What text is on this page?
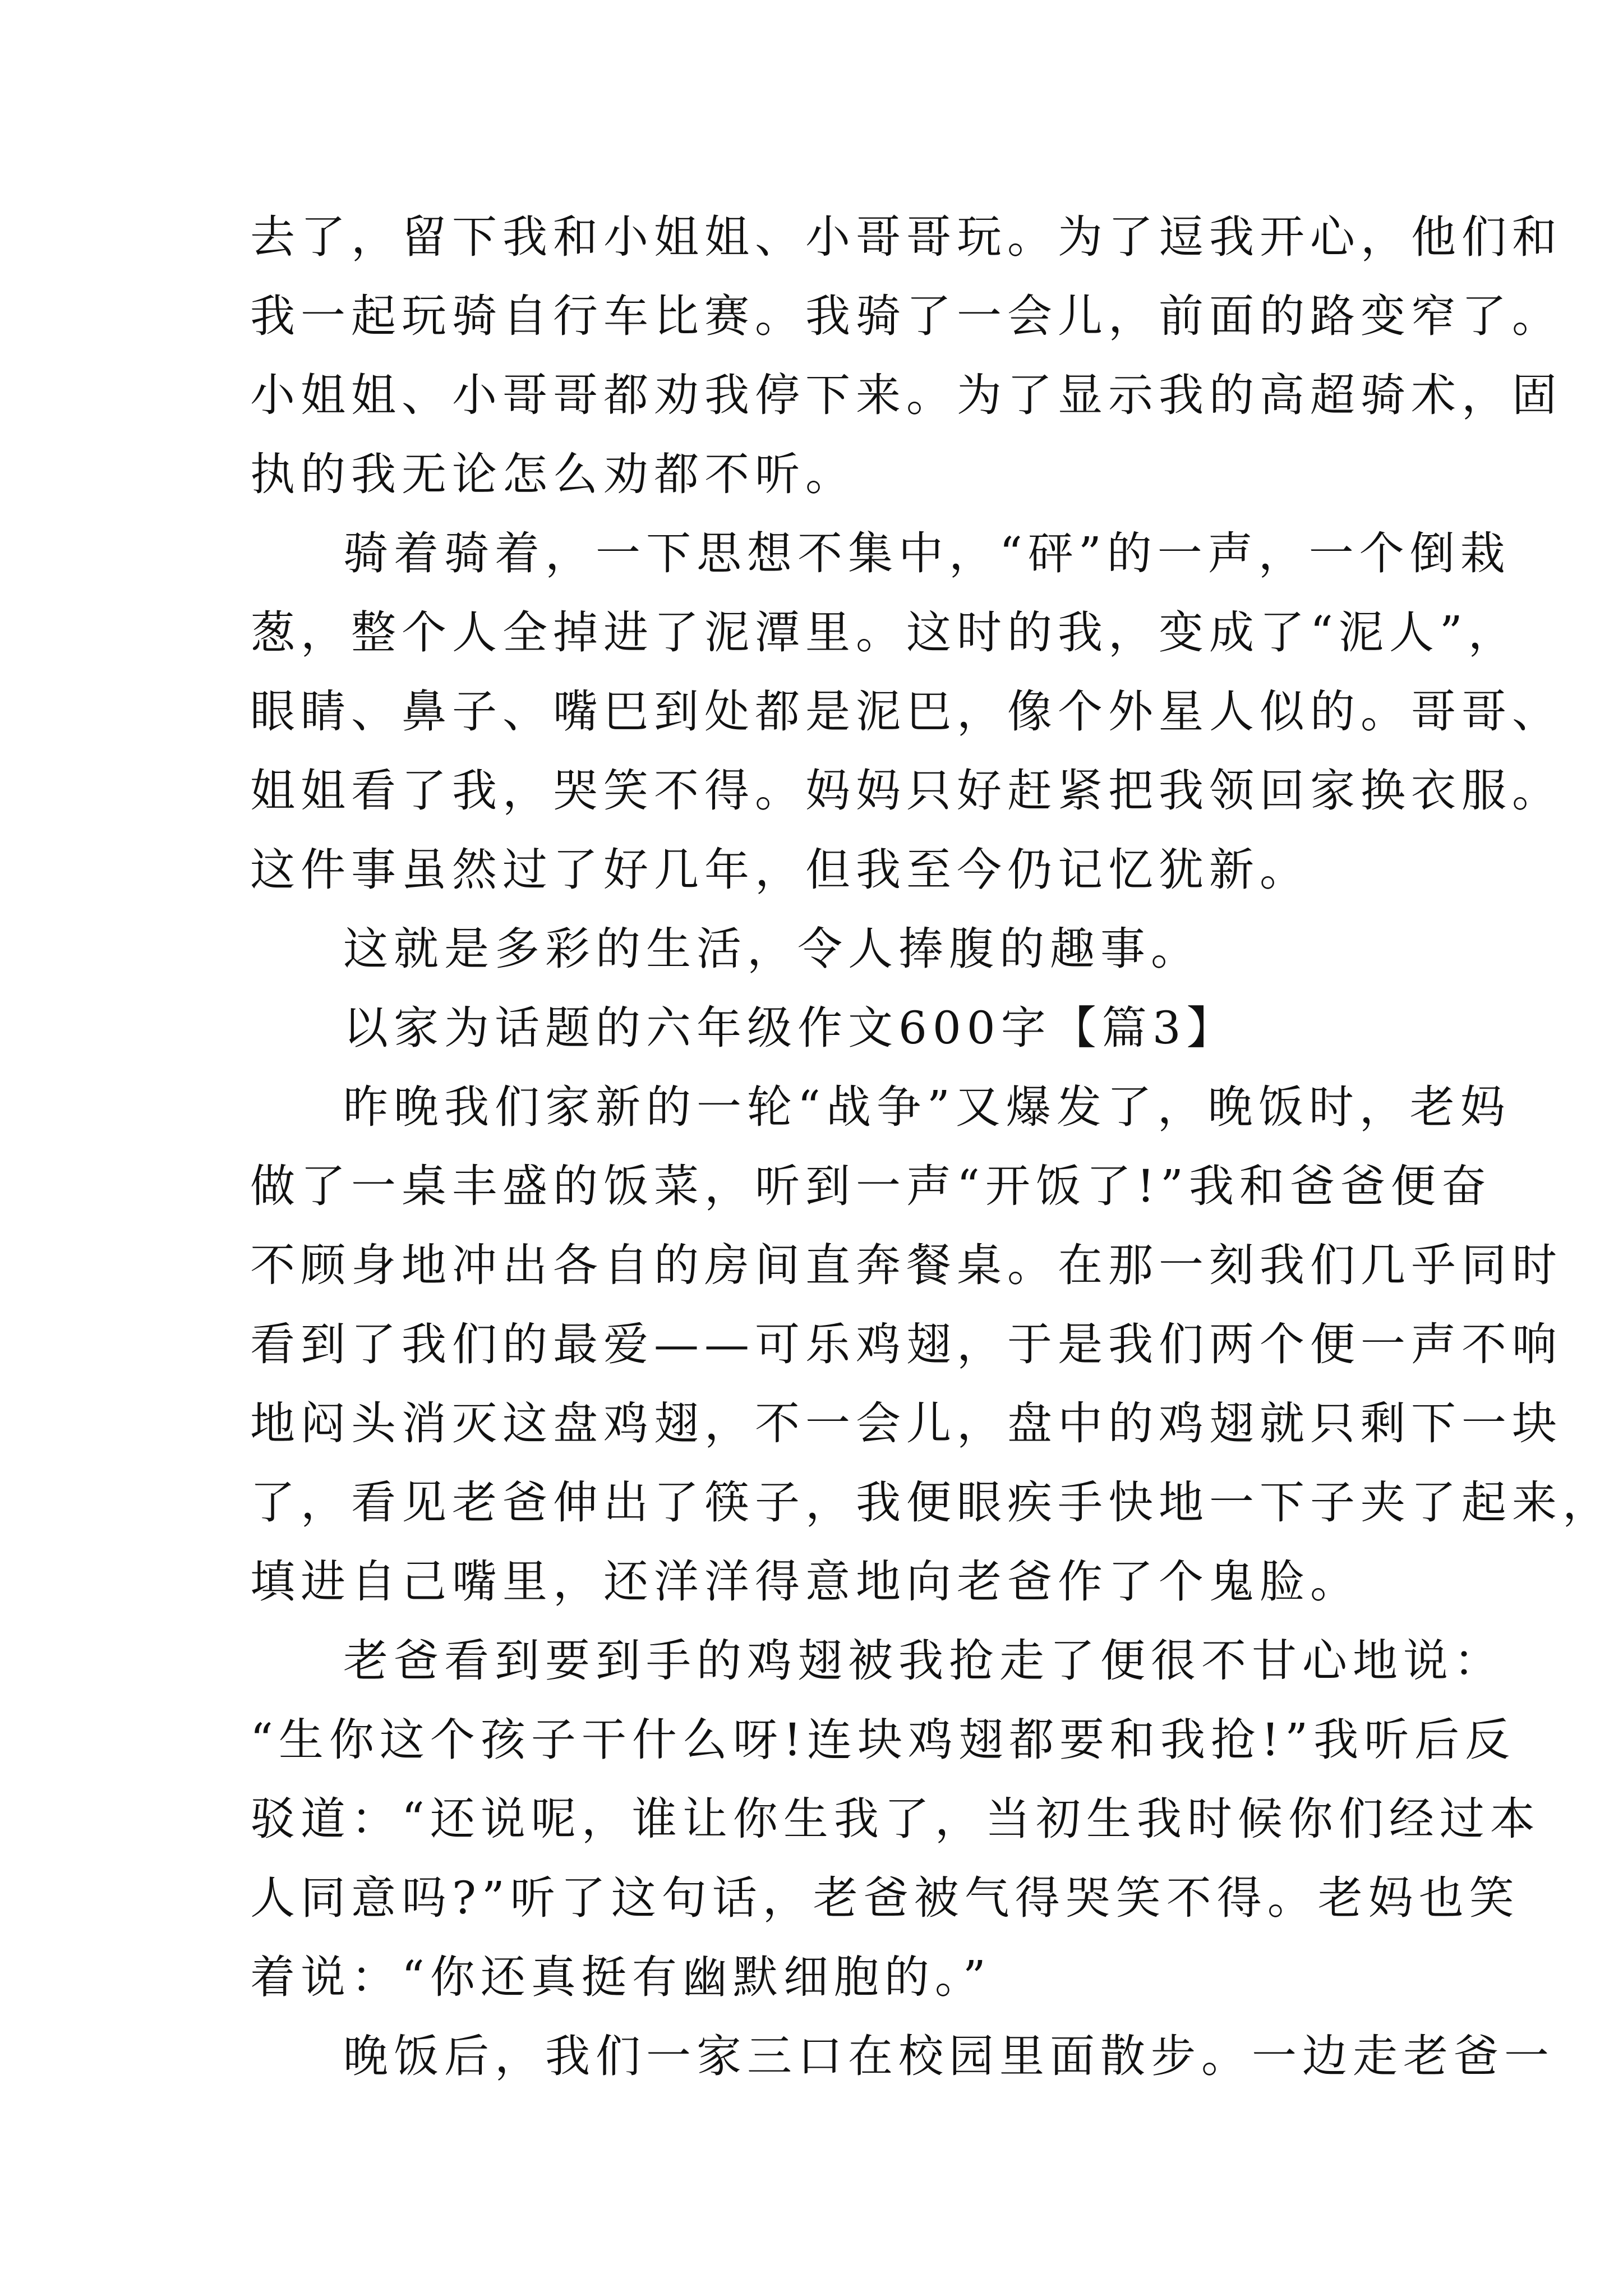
去了，留下我和小姐姐、小哥哥玩。为了逗我开心，他们和
我一起玩骑自行车比赛。我骑了一会儿，前面的路变窄了。
小姐姐、小哥哥都劝我停下来。为了显示我的高超骑术，固
执的我无论怎么劝都不听。
骑着骑着，一下思想不集中，“砰”的一声，一个倒栽
葱，整个人全掉进了泥潭里。这时的我，变成了“泥人”，
眼睛、鼻子、嘴巴到处都是泥巴，像个外星人似的。哥哥、
姐姐看了我，哭笑不得。妈妈只好赶紧把我领回家换衣服。
这件事虽然过了好几年，但我至今仍记忆犹新。
这就是多彩的生活，令人捧腹的趣事。
以家为话题的六年级作文600字【篇3】
昨晚我们家新的一轮“战争”又爆发了，晚饭时，老妈
做了一桌丰盛的饭菜，听到一声“开饭了!”我和爸爸便奋
不顾身地冲出各自的房间直奔餐桌。在那一刻我们几乎同时
看到了我们的最爱——可乐鸡翅，于是我们两个便一声不响
地闷头消灭这盘鸡翅，不一会儿，盘中的鸡翅就只剩下一块
了，看见老爸伸出了筷子，我便眼疾手快地一下子夹了起来，
填进自己嘴里，还洋洋得意地向老爸作了个鬼脸。
老爸看到要到手的鸡翅被我抢走了便很不甘心地说：
“生你这个孩子干什么呀!连块鸡翅都要和我抢!”我听后反
驳道：“还说呢，谁让你生我了，当初生我时候你们经过本
人同意吗?”听了这句话，老爸被气得哭笑不得。老妈也笑
着说：“你还真挺有幽默细胞的。”
晚饭后，我们一家三口在校园里面散步。一边走老爸一
